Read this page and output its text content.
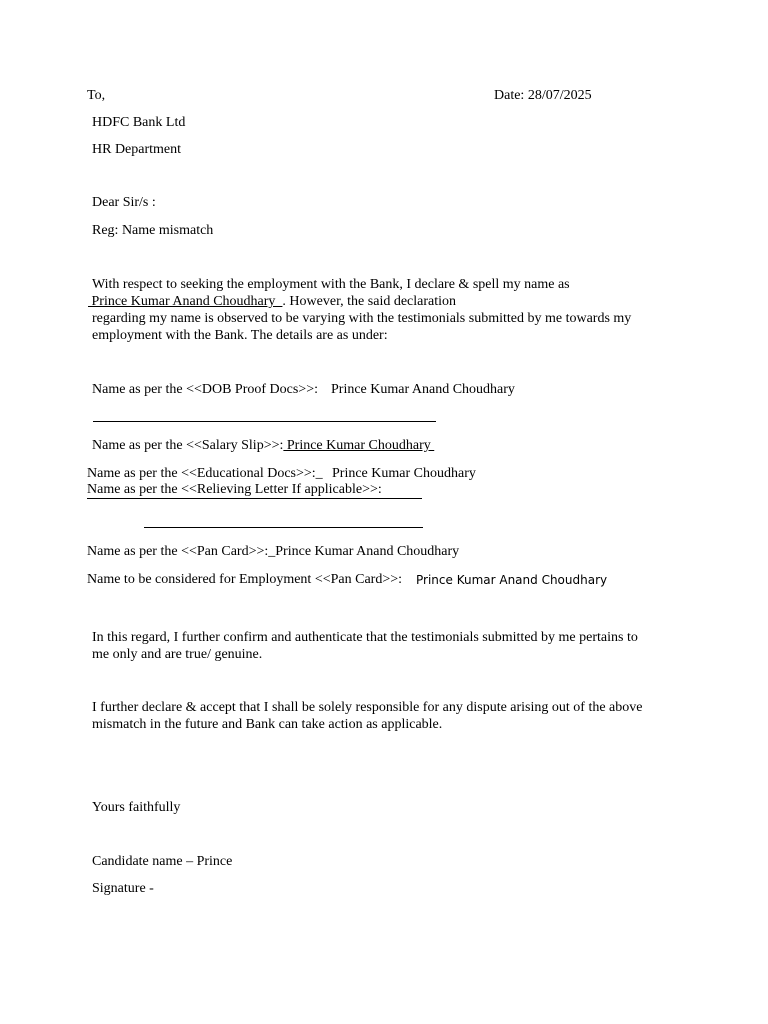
To,	Date: 28/07/2025
HDFC Bank Ltd
HR Department
Dear Sir/s :
Reg: Name mismatch
With respect to seeking the employment with the Bank, I declare & spell my name as
Prince Kumar Anand Choudhary  . However, the said declaration
regarding my name is observed to be varying with the testimonials submitted by me towards my
employment with the Bank. The details are as under:
Name as per the <<DOB Proof Docs>>: Prince Kumar Anand Choudhary
Name as per the <<Salary Slip>>: Prince Kumar Choudhary
Name as per the <<Educational Docs>>:_ Prince Kumar Choudhary
Name as per the <<Relieving Letter If applicable>>:
Name as per the <<Pan Card>>:_Prince Kumar Anand Choudhary
Name to be considered for Employment <<Pan Card>>: Prince Kumar Anand Choudhary
In this regard, I further confirm and authenticate that the testimonials submitted by me pertains to
me only and are true/ genuine.
I further declare & accept that I shall be solely responsible for any dispute arising out of the above
mismatch in the future and Bank can take action as applicable.
Yours faithfully
Candidate name – Prince
Signature -
